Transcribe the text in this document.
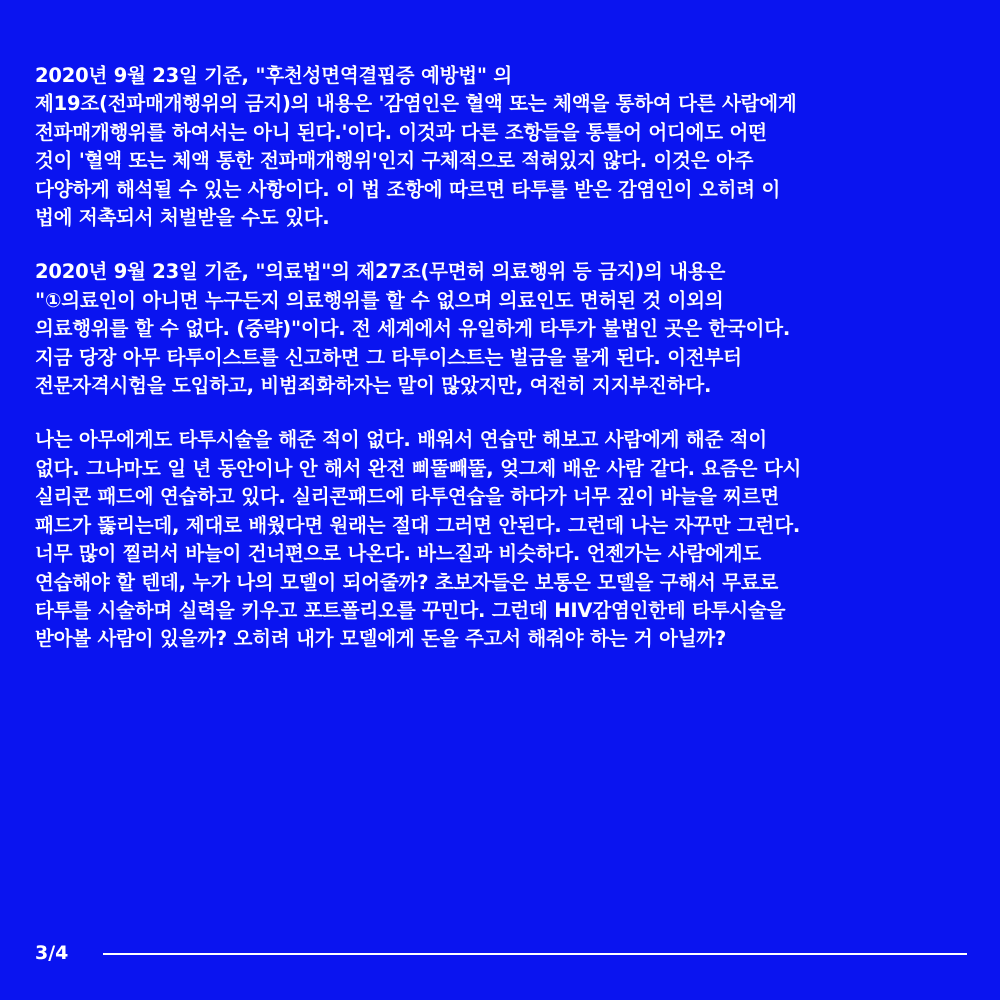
2020년 9월 23일 기준, "후천성면역결핍증 예방법" 의
제19조(전파매개행위의 금지)의 내용은 '감염인은 혈액 또는 체액을 통하여 다른 사람에게
전파매개행위를 하여서는 아니 된다.'이다. 이것과 다른 조항들을 통틀어 어디에도 어떤
것이 '혈액 또는 체액 통한 전파매개행위'인지 구체적으로 적혀있지 않다. 이것은 아주
다양하게 해석될 수 있는 사항이다. 이 법 조항에 따르면 타투를 받은 감염인이 오히려 이
법에 저촉되서 처벌받을 수도 있다.
2020년 9월 23일 기준, "의료법"의 제27조(무면허 의료행위 등 금지)의 내용은
"①의료인이 아니면 누구든지 의료행위를 할 수 없으며 의료인도 면허된 것 이외의
의료행위를 할 수 없다. (중략)"이다. 전 세계에서 유일하게 타투가 불법인 곳은 한국이다.
지금 당장 아무 타투이스트를 신고하면 그 타투이스트는 벌금을 물게 된다. 이전부터
전문자격시험을 도입하고, 비범죄화하자는 말이 많았지만, 여전히 지지부진하다.
나는 아무에게도 타투시술을 해준 적이 없다. 배워서 연습만 해보고 사람에게 해준 적이
없다. 그나마도 일 년 동안이나 안 해서 완전 삐뚤빼뚤, 엊그제 배운 사람 같다. 요즘은 다시
실리콘 패드에 연습하고 있다. 실리콘패드에 타투연습을 하다가 너무 깊이 바늘을 찌르면
패드가 뚫리는데, 제대로 배웠다면 원래는 절대 그러면 안된다. 그런데 나는 자꾸만 그런다.
너무 많이 찔러서 바늘이 건너편으로 나온다. 바느질과 비슷하다. 언젠가는 사람에게도
연습해야 할 텐데, 누가 나의 모델이 되어줄까? 초보자들은 보통은 모델을 구해서 무료로
타투를 시술하며 실력을 키우고 포트폴리오를 꾸민다. 그런데 HIV감염인한테 타투시술을
받아볼 사람이 있을까? 오히려 내가 모델에게 돈을 주고서 해줘야 하는 거 아닐까?
3/4
